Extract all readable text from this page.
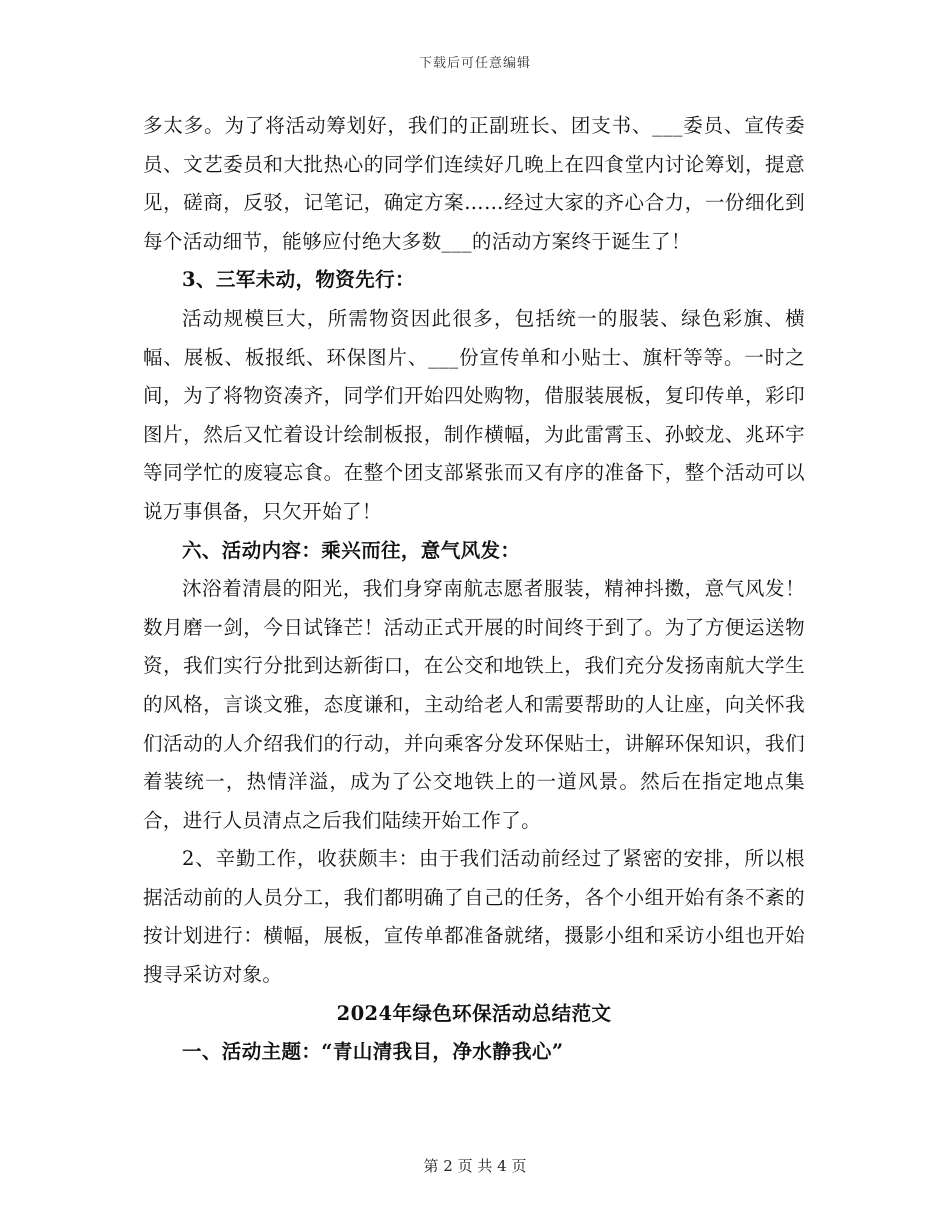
下载后可任意编辑

多太多。为了将活动筹划好，我们的正副班长、团支书、___委员、宣传委员、文艺委员和大批热心的同学们连续好几晚上在四食堂内讨论筹划，提意见，磋商，反驳，记笔记，确定方案……经过大家的齐心合力，一份细化到每个活动细节，能够应付绝大多数___的活动方案终于诞生了！

3、三军未动，物资先行：

活动规模巨大，所需物资因此很多，包括统一的服装、绿色彩旗、横幅、展板、板报纸、环保图片、___份宣传单和小贴士、旗杆等等。一时之间，为了将物资凑齐，同学们开始四处购物，借服装展板，复印传单，彩印图片，然后又忙着设计绘制板报，制作横幅，为此雷霄玉、孙蛟龙、兆环宇等同学忙的废寝忘食。在整个团支部紧张而又有序的准备下，整个活动可以说万事俱备，只欠开始了！

六、活动内容：乘兴而往，意气风发：

沐浴着清晨的阳光，我们身穿南航志愿者服装，精神抖擞，意气风发！数月磨一剑，今日试锋芒！活动正式开展的时间终于到了。为了方便运送物资，我们实行分批到达新街口，在公交和地铁上，我们充分发扬南航大学生的风格，言谈文雅，态度谦和，主动给老人和需要帮助的人让座，向关怀我们活动的人介绍我们的行动，并向乘客分发环保贴士，讲解环保知识，我们着装统一，热情洋溢，成为了公交地铁上的一道风景。然后在指定地点集合，进行人员清点之后我们陆续开始工作了。

2、辛勤工作，收获颇丰：由于我们活动前经过了紧密的安排，所以根据活动前的人员分工，我们都明确了自己的任务，各个小组开始有条不紊的按计划进行：横幅，展板，宣传单都准备就绪，摄影小组和采访小组也开始搜寻采访对象。

2024年绿色环保活动总结范文

一、活动主题：“青山清我目，净水静我心”

第 2 页 共 4 页
